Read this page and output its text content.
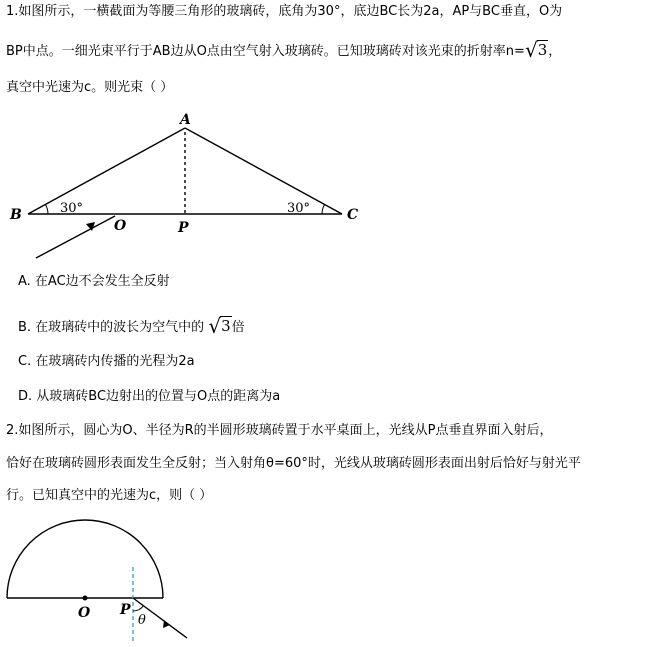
1.如图所示，一横截面为等腰三角形的玻璃砖，底角为30°，底边BC长为2a，AP与BC垂直，O为
BP中点。一细光束平行于AB边从O点由空气射入玻璃砖。已知玻璃砖对该光束的折射率n=√3，
真空中光速为c。则光束（ ）
A
B	C
O	P
30°	30°
A. 在AC边不会发生全反射
B. 在玻璃砖中的波长为空气中的 √3倍
C. 在玻璃砖内传播的光程为2a
D. 从玻璃砖BC边射出的位置与O点的距离为a
2.如图所示，圆心为O、半径为R的半圆形玻璃砖置于水平桌面上，光线从P点垂直界面入射后，
恰好在玻璃砖圆形表面发生全反射；当入射角θ=60°时，光线从玻璃砖圆形表面出射后恰好与射光平
行。已知真空中的光速为c，则（ ）
O P
θ
